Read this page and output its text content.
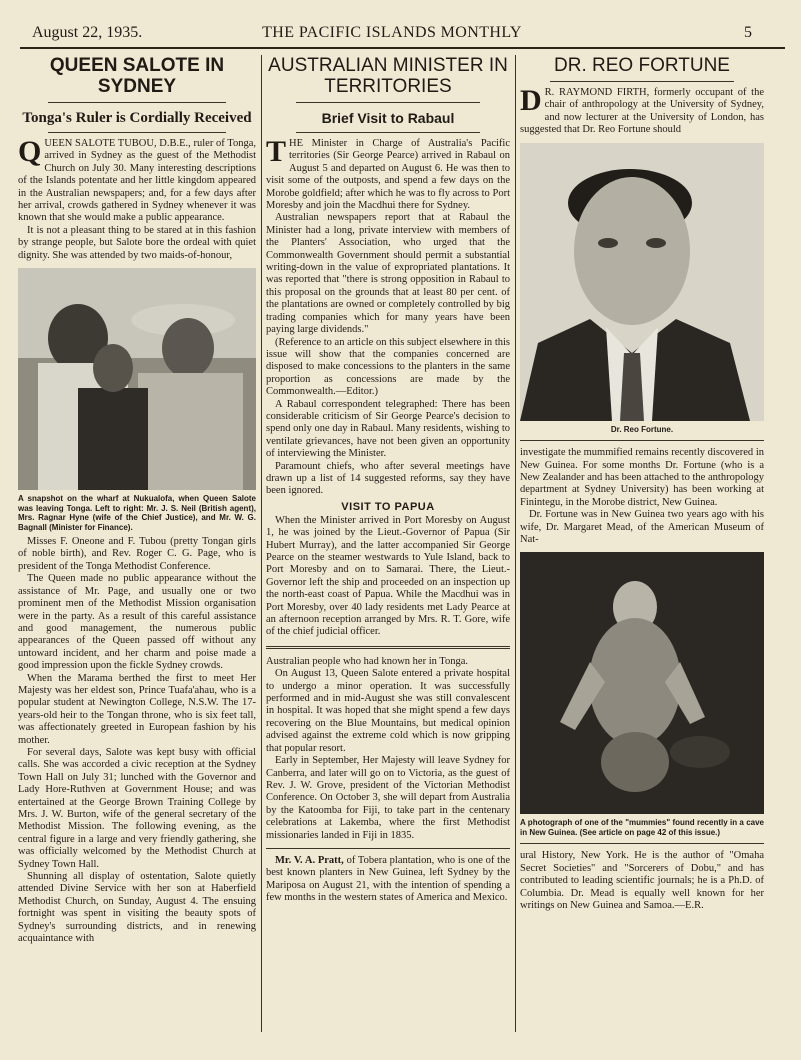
August 22, 1935.	THE PACIFIC ISLANDS MONTHLY	5
QUEEN SALOTE IN SYDNEY
Tonga's Ruler is Cordially Received

QUEEN SALOTE TUBOU, D.B.E., ruler of Tonga, arrived in Sydney as the guest of the Methodist Church on July 30. Many interesting descriptions of the Islands potentate and her little kingdom appeared in the Australian newspapers; and, for a few days after her arrival, crowds gathered in Sydney whenever it was known that she would make a public appearance.

It is not a pleasant thing to be stared at in this fashion by strange people, but Salote bore the ordeal with quiet dignity. She was attended by two maids-of-honour,

A snapshot on the wharf at Nukualofa, when Queen Salote was leaving Tonga. Left to right: Mr. J. S. Neil (British agent), Mrs. Ragnar Hyne (wife of the Chief Justice), and Mr. W. G. Bagnall (Minister for Finance).

Misses F. Oneone and F. Tubou (pretty Tongan girls of noble birth), and Rev. Roger C. G. Page, who is president of the Tonga Methodist Conference.

The Queen made no public appearance without the assistance of Mr. Page, and usually one or two prominent men of the Methodist Mission organisation were in the party. As a result of this careful assistance and good management, the numerous public appearances of the Queen passed off without any untoward incident, and her charm and poise made a good impression upon the fickle Sydney crowds.

When the Marama berthed the first to meet Her Majesty was her eldest son, Prince Tuafa'ahau, who is a popular student at Newington College, N.S.W. The 17-years-old heir to the Tongan throne, who is six feet tall, was affectionately greeted in European fashion by his mother.

For several days, Salote was kept busy with official calls. She was accorded a civic reception at the Sydney Town Hall on July 31; lunched with the Governor and Lady Hore-Ruthven at Government House; and was entertained at the George Brown Training College by Mrs. J. W. Burton, wife of the general secretary of the Methodist Mission. The following evening, as the central figure in a large and very friendly gathering, she was officially welcomed by the Methodist Church at Sydney Town Hall.

Shunning all display of ostentation, Salote quietly attended Divine Service with her son at Haberfield Methodist Church, on Sunday, August 4. The ensuing fortnight was spent in visiting the beauty spots of Sydney's surrounding districts, and in renewing acquaintance with

AUSTRALIAN MINISTER IN TERRITORIES
Brief Visit to Rabaul

THE Minister in Charge of Australia's Pacific territories (Sir George Pearce) arrived in Rabaul on August 5 and departed on August 6. He was then to visit some of the outposts, and spend a few days on the Morobe goldfield; after which he was to fly across to Port Moresby and join the Macdhui there for Sydney.

Australian newspapers report that at Rabaul the Minister had a long, private interview with members of the Planters' Association, who urged that the Commonwealth Government should permit a substantial writing-down in the value of expropriated plantations. It was reported that "there is strong opposition in Rabaul to this proposal on the grounds that at least 80 per cent. of the plantations are owned or completely controlled by big trading companies which for many years have been paying large dividends."

(Reference to an article on this subject elsewhere in this issue will show that the companies concerned are disposed to make concessions to the planters in the same proportion as concessions are made by the Commonwealth.—Editor.)

A Rabaul correspondent telegraphed: There has been considerable criticism of Sir George Pearce's decision to spend only one day in Rabaul. Many residents, wishing to ventilate grievances, have not been given an opportunity of interviewing the Minister.

Paramount chiefs, who after several meetings have drawn up a list of 14 suggested reforms, say they have been ignored.

VISIT TO PAPUA

When the Minister arrived in Port Moresby on August 1, he was joined by the Lieut.-Governor of Papua (Sir Hubert Murray), and the latter accompanied Sir George Pearce on the steamer westwards to Yule Island, back to Port Moresby and on to Samarai. There, the Lieut.-Governor left the ship and proceeded on an inspection up the north-east coast of Papua. While the Macdhui was in Port Moresby, over 40 lady residents met Lady Pearce at an afternoon reception arranged by Mrs. R. T. Gore, wife of the chief judicial officer.

Australian people who had known her in Tonga.

On August 13, Queen Salote entered a private hospital to undergo a minor operation. It was successfully performed and in mid-August she was still convalescent in hospital. It was hoped that she might spend a few days recovering on the Blue Mountains, but medical opinion advised against the extreme cold which is now gripping that popular resort.

Early in September, Her Majesty will leave Sydney for Canberra, and later will go on to Victoria, as the guest of Rev. J. W. Grove, president of the Victorian Methodist Conference. On October 3, she will depart from Australia by the Katoomba for Fiji, to take part in the centenary celebrations at Lakemba, where the first Methodist missionaries landed in Fiji in 1835.

Mr. V. A. Pratt, of Tobera plantation, who is one of the best known planters in New Guinea, left Sydney by the Mariposa on August 21, with the intention of spending a few months in the western states of America and Mexico.

DR. REO FORTUNE

D R. RAYMOND FIRTH, formerly occupant of the chair of anthropology at the University of Sydney, and now lecturer at the University of London, has suggested that Dr. Reo Fortune should

Dr. Reo Fortune.

investigate the mummified remains recently discovered in New Guinea. For some months Dr. Fortune (who is a New Zealander and has been attached to the anthropology department at Sydney University) has been working at Finintegu, in the Morobe district, New Guinea.

Dr. Fortune was in New Guinea two years ago with his wife, Dr. Margaret Mead, of the American Museum of Nat-

A photograph of one of the "mummies" found recently in a cave in New Guinea. (See article on page 42 of this issue.)

ural History, New York. He is the author of "Omaha Secret Societies" and "Sorcerers of Dobu," and has contributed to leading scientific journals; he is a Ph.D. of Columbia. Dr. Mead is equally well known for her writings on New Guinea and Samoa.—E.R.
